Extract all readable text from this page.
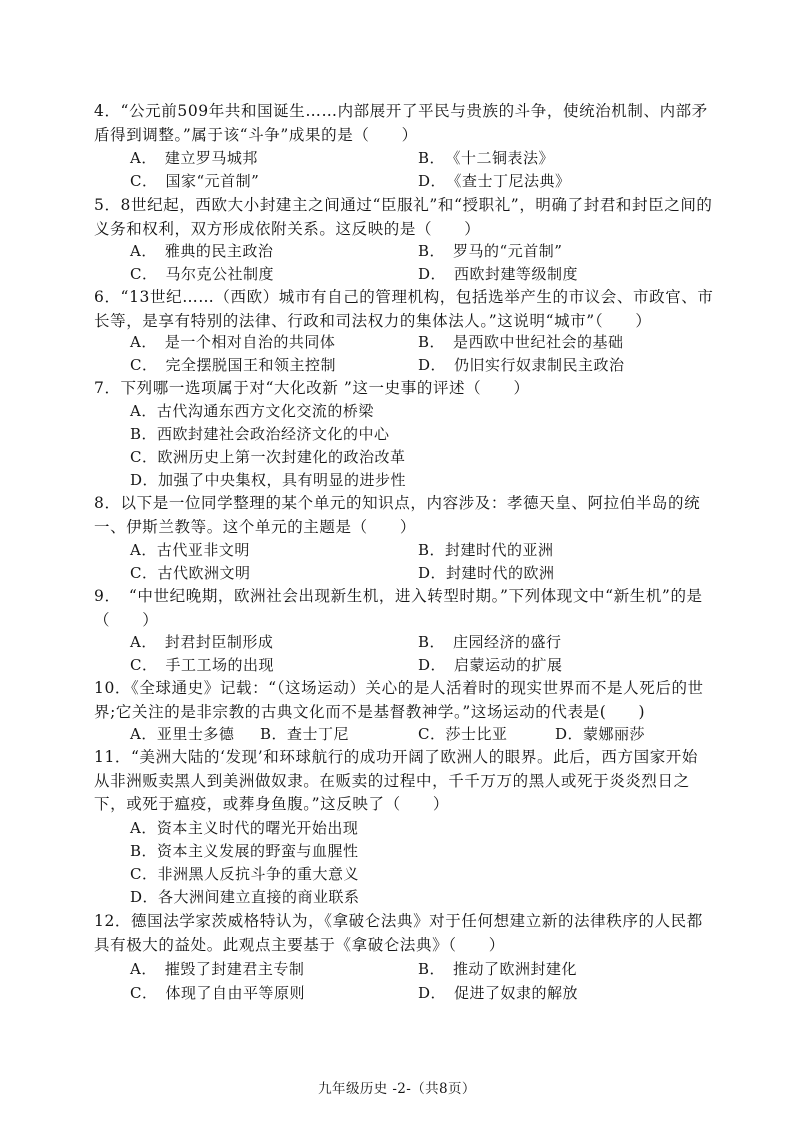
4．“公元前509年共和国诞生……内部展开了平民与贵族的斗争，使统治机制、内部矛盾得到调整。”属于该“斗争”成果的是（　　）
A．　建立罗马城邦	B．　《十二铜表法》
C．　国家“元首制”	D．　《查士丁尼法典》
5．8世纪起，西欧大小封建主之间通过“臣服礼”和“授职礼”，明确了封君和封臣之间的义务和权利，双方形成依附关系。这反映的是（　　）
A．　雅典的民主政治	B．　罗马的“元首制”
C．　马尔克公社制度	D．　西欧封建等级制度
6．“13世纪……（西欧）城市有自己的管理机构，包括选举产生的市议会、市政官、市长等，是享有特别的法律、行政和司法权力的集体法人。”这说明“城市”（　　）
A．　是一个相对自治的共同体	B．　是西欧中世纪社会的基础
C．　完全摆脱国王和领主控制	D．　仍旧实行奴隶制民主政治
7．下列哪一选项属于对“大化改新 ”这一史事的评述（　　）
A．古代沟通东西方文化交流的桥梁
B．西欧封建社会政治经济文化的中心
C．欧洲历史上第一次封建化的政治改革
D．加强了中央集权，具有明显的进步性
8．以下是一位同学整理的某个单元的知识点，内容涉及：孝德天皇、阿拉伯半岛的统一、伊斯兰教等。这个单元的主题是（　　）
A．古代亚非文明	B．封建时代的亚洲
C．古代欧洲文明	D．封建时代的欧洲
9．　“中世纪晚期，欧洲社会出现新生机，进入转型时期。”下列体现文中“新生机”的是（　　）
A．　封君封臣制形成	B．　庄园经济的盛行
C．　手工工场的出现	D．　启蒙运动的扩展
10．《全球通史》记载：“（这场运动）关心的是人活着时的现实世界而不是人死后的世界;它关注的是非宗教的古典文化而不是基督教神学。”这场运动的代表是(　　)
A．亚里士多德 B．查士丁尼	C．莎士比亚	D．蒙娜丽莎
11．“美洲大陆的‘发现’和环球航行的成功开阔了欧洲人的眼界。此后，西方国家开始从非洲贩卖黑人到美洲做奴隶。在贩卖的过程中，千千万万的黑人或死于炎炎烈日之下，或死于瘟疫，或葬身鱼腹。”这反映了（　　）
A．资本主义时代的曙光开始出现
B．资本主义发展的野蛮与血腥性
C．非洲黑人反抗斗争的重大意义
D．各大洲间建立直接的商业联系
12．德国法学家茨威格特认为，《拿破仑法典》对于任何想建立新的法律秩序的人民都具有极大的益处。此观点主要基于《拿破仑法典》（　　）
A．　摧毁了封建君主专制	B．　推动了欧洲封建化
C．　体现了自由平等原则	D．　促进了奴隶的解放
九年级历史 -2-（共8页）
